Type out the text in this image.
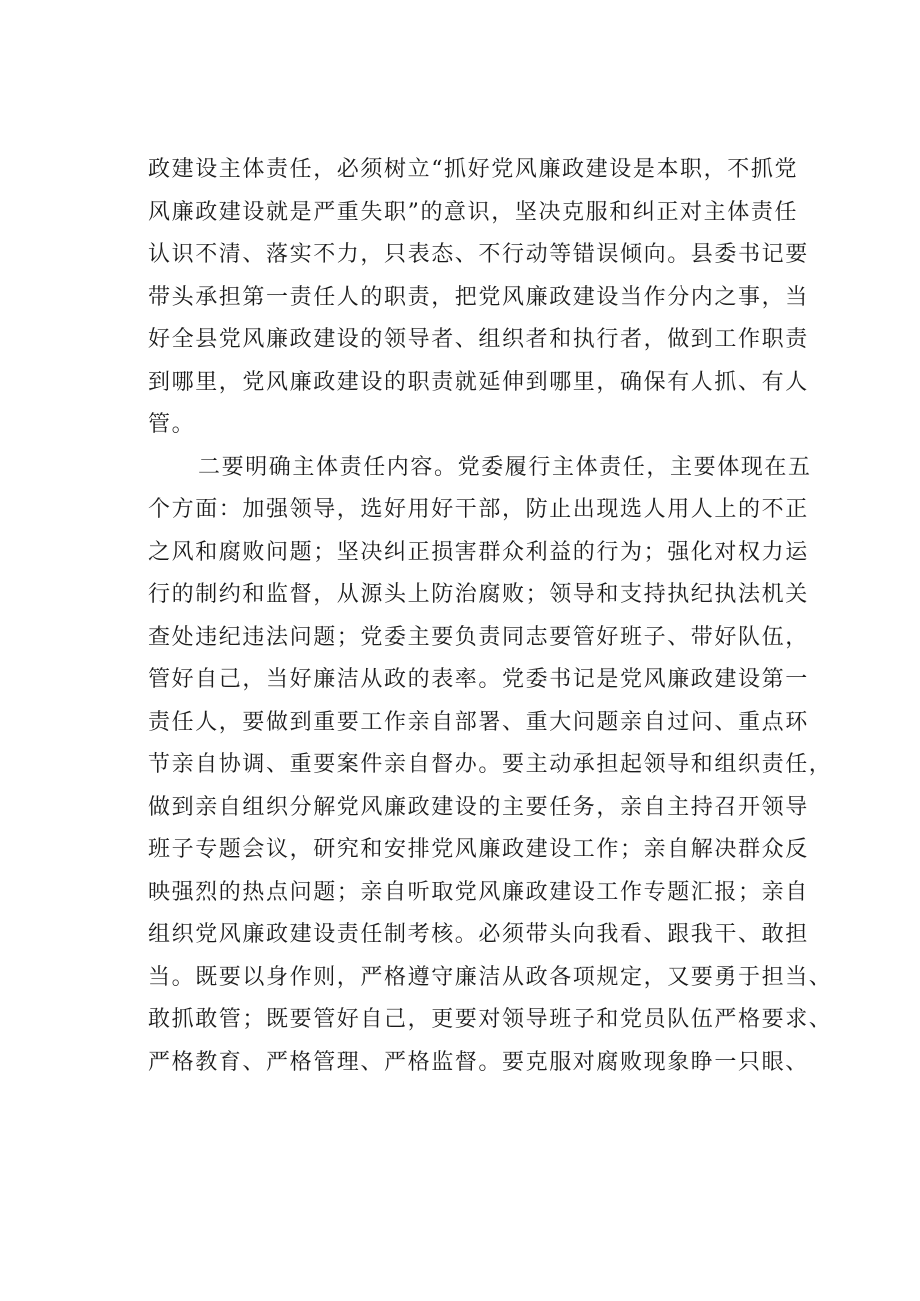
政建设主体责任，必须树立“抓好党风廉政建设是本职，不抓党
风廉政建设就是严重失职”的意识，坚决克服和纠正对主体责任
认识不清、落实不力，只表态、不行动等错误倾向。县委书记要
带头承担第一责任人的职责，把党风廉政建设当作分内之事，当
好全县党风廉政建设的领导者、组织者和执行者，做到工作职责
到哪里，党风廉政建设的职责就延伸到哪里，确保有人抓、有人
管。
二要明确主体责任内容。党委履行主体责任，主要体现在五
个方面：加强领导，选好用好干部，防止出现选人用人上的不正
之风和腐败问题；坚决纠正损害群众利益的行为；强化对权力运
行的制约和监督，从源头上防治腐败；领导和支持执纪执法机关
查处违纪违法问题；党委主要负责同志要管好班子、带好队伍，
管好自己，当好廉洁从政的表率。党委书记是党风廉政建设第一
责任人，要做到重要工作亲自部署、重大问题亲自过问、重点环
节亲自协调、重要案件亲自督办。要主动承担起领导和组织责任，
做到亲自组织分解党风廉政建设的主要任务，亲自主持召开领导
班子专题会议，研究和安排党风廉政建设工作；亲自解决群众反
映强烈的热点问题；亲自听取党风廉政建设工作专题汇报；亲自
组织党风廉政建设责任制考核。必须带头向我看、跟我干、敢担
当。既要以身作则，严格遵守廉洁从政各项规定，又要勇于担当、
敢抓敢管；既要管好自己，更要对领导班子和党员队伍严格要求、
严格教育、严格管理、严格监督。要克服对腐败现象睁一只眼、
